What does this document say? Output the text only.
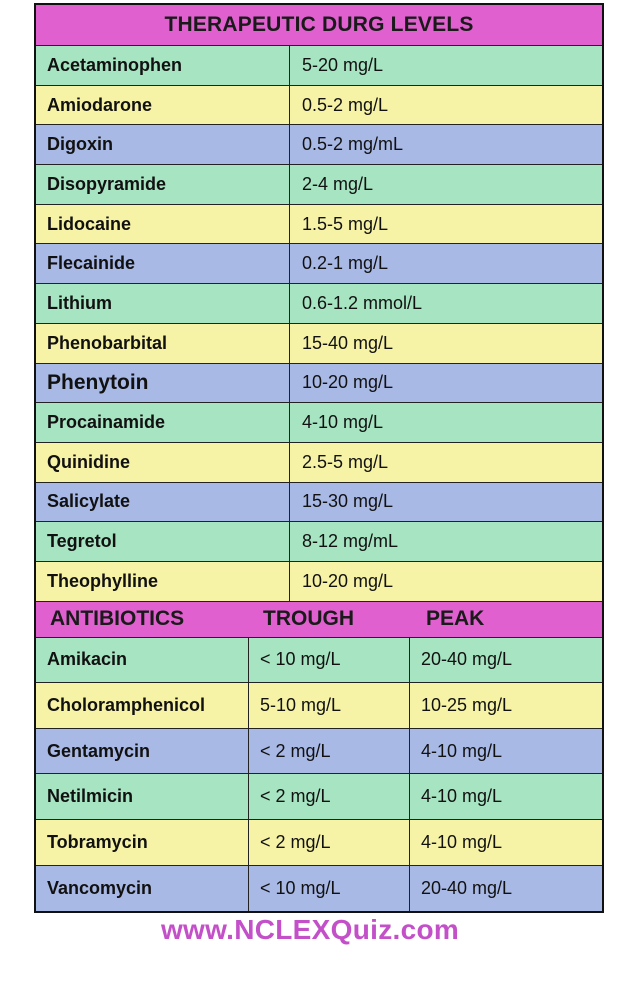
THERAPEUTIC DURG LEVELS
Acetaminophen	5-20 mg/L
Amiodarone	0.5-2 mg/L
Digoxin	0.5-2 mg/mL
Disopyramide	2-4 mg/L
Lidocaine	1.5-5 mg/L
Flecainide	0.2-1 mg/L
Lithium	0.6-1.2 mmol/L
Phenobarbital	15-40 mg/L
Phenytoin	10-20 mg/L
Procainamide	4-10 mg/L
Quinidine	2.5-5 mg/L
Salicylate	15-30 mg/L
Tegretol	8-12 mg/mL
Theophylline	10-20 mg/L
ANTIBIOTICS	TROUGH	PEAK
Amikacin	< 10 mg/L	20-40 mg/L
Choloramphenicol	5-10 mg/L	10-25 mg/L
Gentamycin	< 2 mg/L	4-10 mg/L
Netilmicin	< 2 mg/L	4-10 mg/L
Tobramycin	< 2 mg/L	4-10 mg/L
Vancomycin	< 10 mg/L	20-40 mg/L
www.NCLEXQuiz.com
